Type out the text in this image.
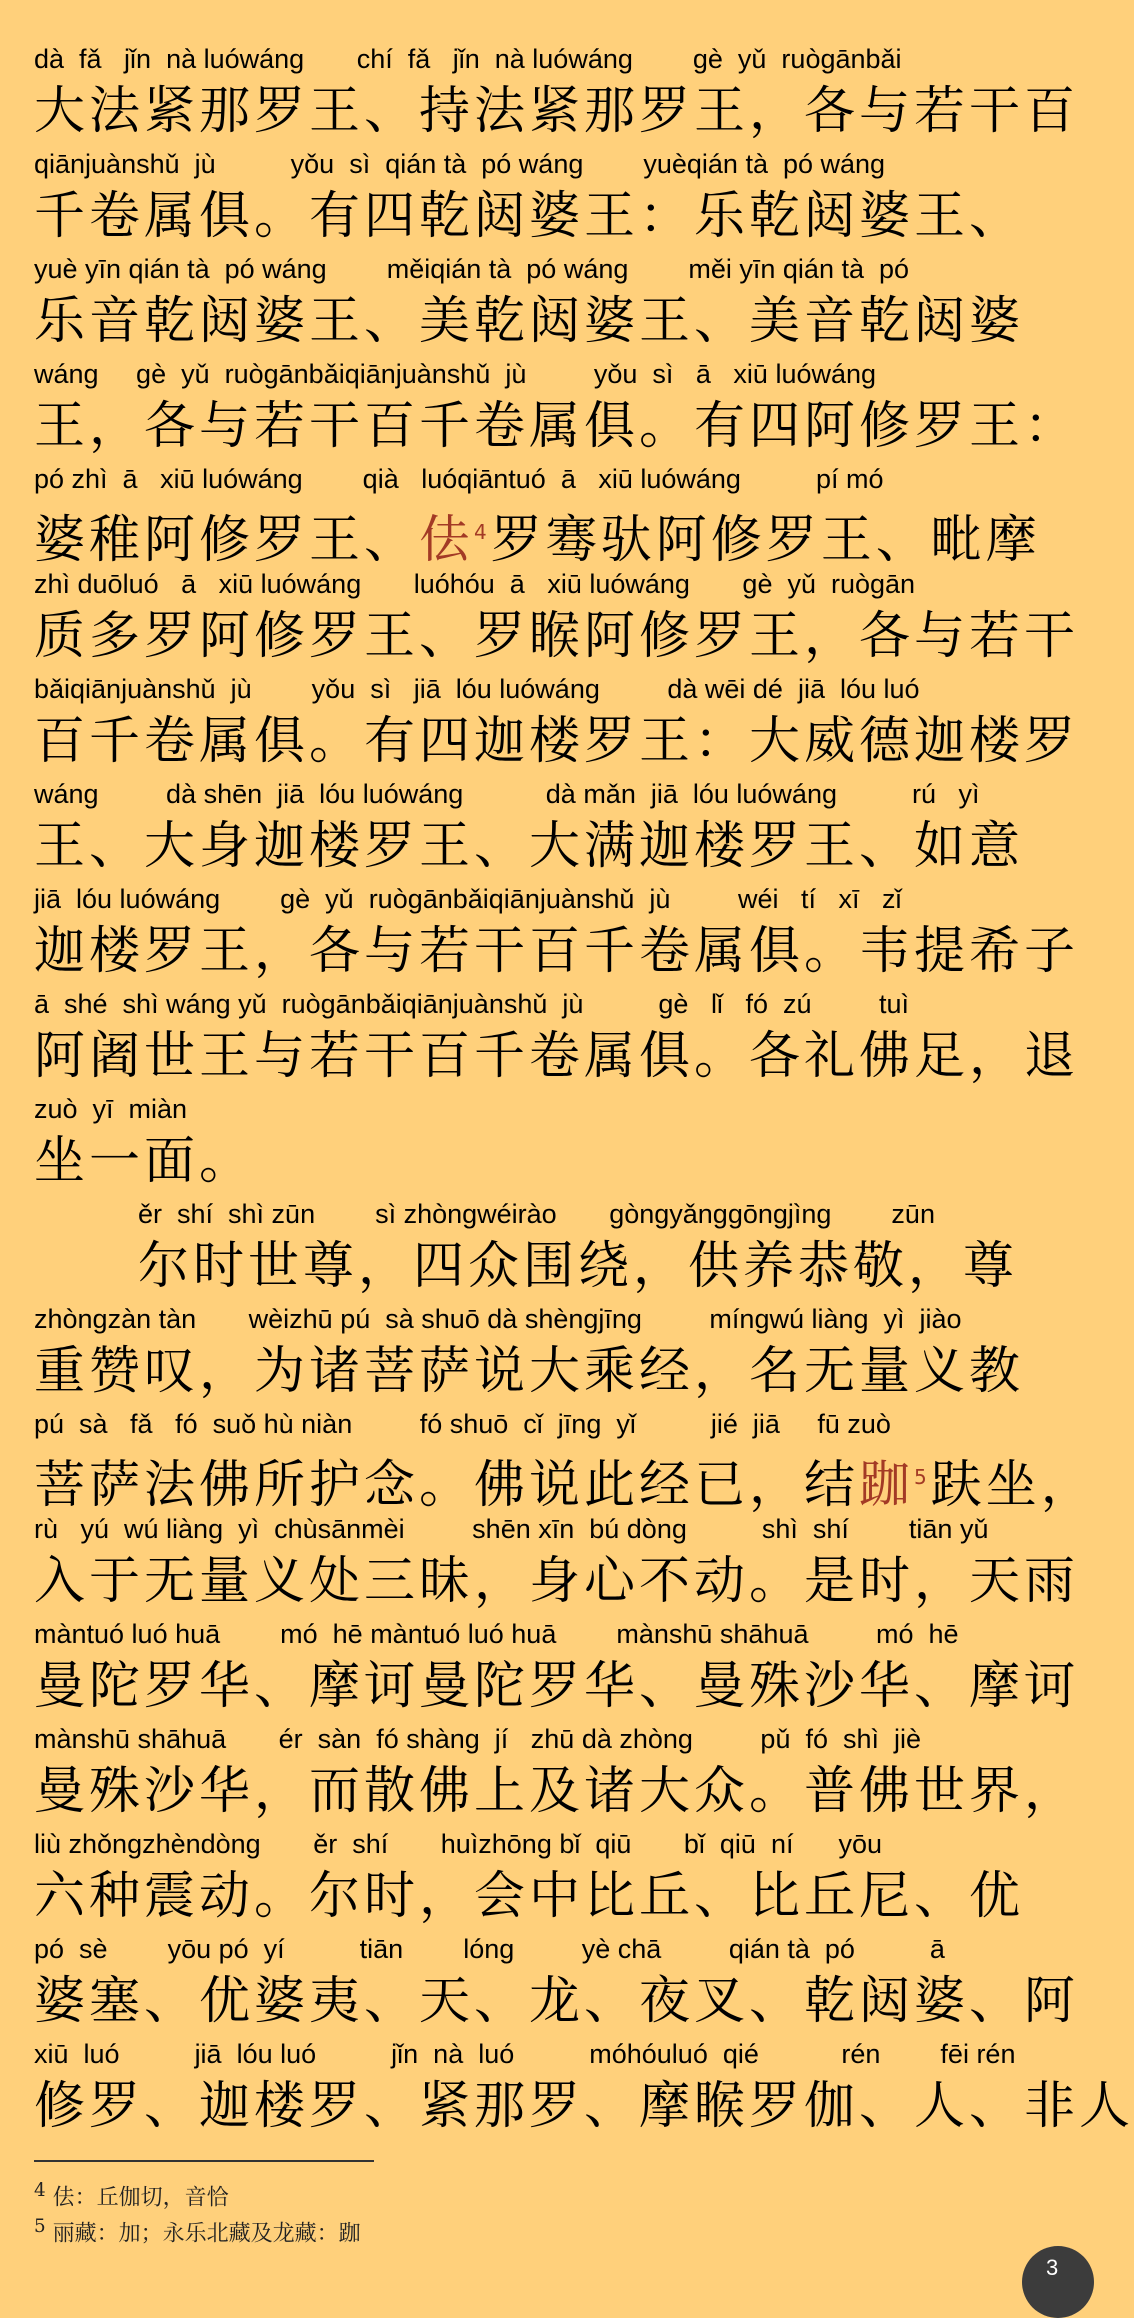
dà  fǎ   jǐn  nà luówáng       chí  fǎ   jǐn  nà luówáng        gè  yǔ  ruògānbǎi
大法紧那罗王、持法紧那罗王，各与若干百
qiānjuànshǔ  jù          yǒu  sì  qián tà  pó wáng        yuèqián tà  pó wáng
千卷属俱。有四乾闼婆王：乐乾闼婆王、
yuè yīn qián tà  pó wáng        měiqián tà  pó wáng        měi yīn qián tà  pó
乐音乾闼婆王、美乾闼婆王、美音乾闼婆
wáng     gè  yǔ  ruògānbǎiqiānjuànshǔ  jù         yǒu  sì   ā   xiū luówáng
王，各与若干百千卷属俱。有四阿修罗王：
pó zhì  ā   xiū luówáng        qià   luóqiāntuó  ā   xiū luówáng          pí mó
婆稚阿修罗王、佉$^4$罗骞驮阿修罗王、毗摩
zhì duōluó   ā   xiū luówáng       luóhóu  ā   xiū luówáng       gè  yǔ  ruògān
质多罗阿修罗王、罗睺阿修罗王，各与若干
bǎiqiānjuànshǔ  jù        yǒu  sì   jiā  lóu luówáng         dà wēi dé  jiā  lóu luó
百千卷属俱。有四迦楼罗王：大威德迦楼罗
wáng         dà shēn  jiā  lóu luówáng           dà mǎn  jiā  lóu luówáng          rú   yì
王、大身迦楼罗王、大满迦楼罗王、如意
jiā  lóu luówáng        gè  yǔ  ruògānbǎiqiānjuànshǔ  jù         wéi   tí   xī   zǐ
迦楼罗王，各与若干百千卷属俱。韦提希子
ā  shé  shì wáng yǔ  ruògānbǎiqiānjuànshǔ  jù          gè   lǐ   fó  zú         tuì
阿阇世王与若干百千卷属俱。各礼佛足，退
zuò  yī  miàn
坐一面。
ěr  shí  shì zūn        sì zhòngwéirào       gòngyǎnggōngjìng        zūn
尔时世尊，四众围绕，供养恭敬，尊
zhòngzàn tàn       wèizhū pú  sà shuō dà shèngjīng         míngwú liàng  yì  jiào
重赞叹，为诸菩萨说大乘经，名无量义教
pú  sà   fǎ   fó  suǒ hù niàn         fó shuō  cǐ  jīng  yǐ          jié  jiā     fū zuò
菩萨法佛所护念。佛说此经已，结跏$^5$趺坐，
rù   yú  wú liàng  yì  chùsānmèi         shēn xīn  bú dòng          shì  shí        tiān yǔ
入于无量义处三昧，身心不动。是时，天雨
màntuó luó huā        mó  hē màntuó luó huā        mànshū shāhuā         mó  hē
曼陀罗华、摩诃曼陀罗华、曼殊沙华、摩诃
mànshū shāhuā       ér  sàn  fó shàng  jí   zhū dà zhòng         pǔ  fó  shì  jiè
曼殊沙华，而散佛上及诸大众。普佛世界，
liù zhǒngzhèndòng       ěr  shí       huìzhōng bǐ  qiū       bǐ  qiū  ní      yōu
六种震动。尔时，会中比丘、比丘尼、优
pó  sè        yōu pó  yí          tiān        lóng         yè chā         qián tà  pó          ā
婆塞、优婆夷、天、龙、夜叉、乾闼婆、阿
xiū  luó          jiā  lóu luó          jǐn  nà  luó          móhóuluó  qié           rén        fēi rén
修罗、迦楼罗、紧那罗、摩睺罗伽、人、非人
$^4$ 佉：丘伽切，音恰
$^5$ 丽藏：加；永乐北藏及龙藏：跏
3
